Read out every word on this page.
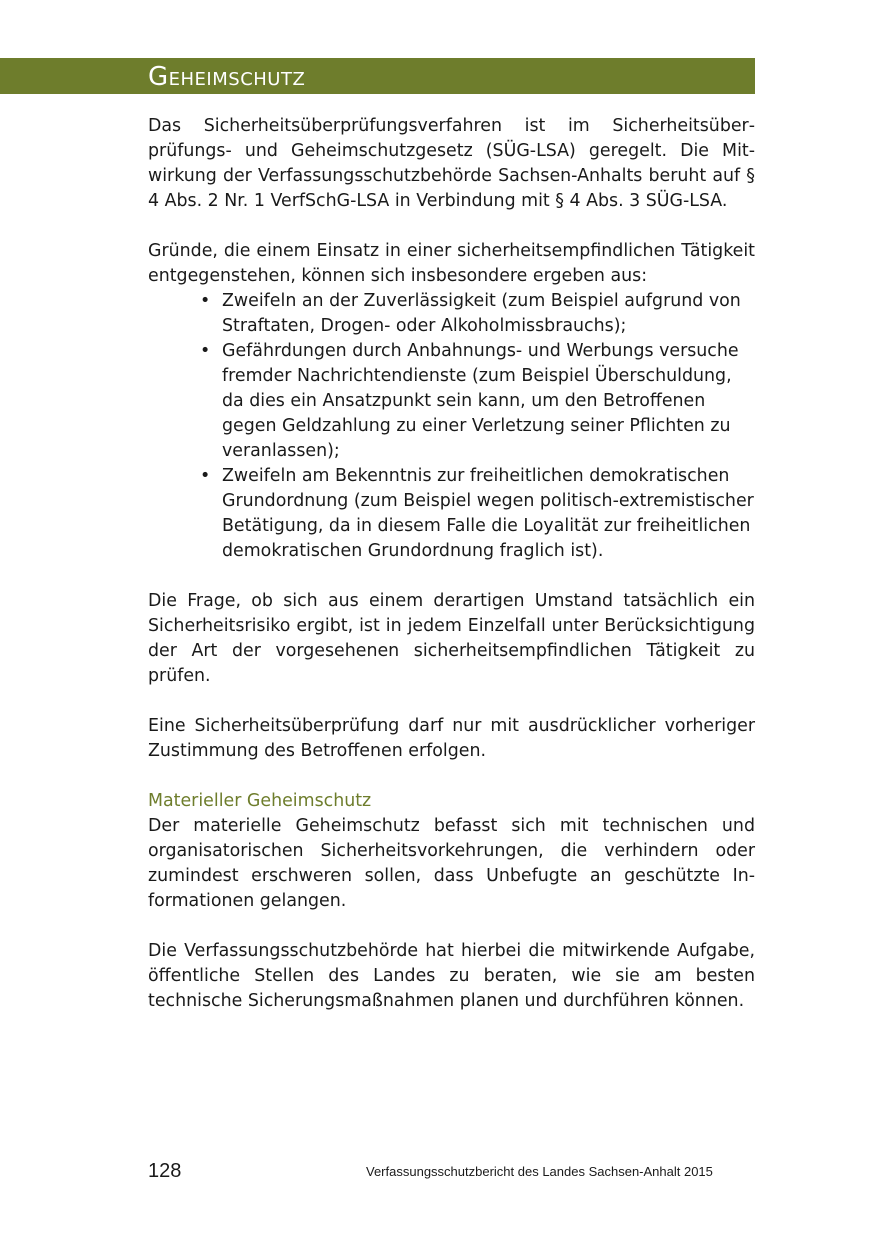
Geheimschutz

Das Sicherheitsüberprüfungsverfahren ist im Sicherheitsüberprüfungs- und Geheimschutzgesetz (SÜG-LSA) geregelt. Die Mitwirkung der Verfassungsschutzbehörde Sachsen-Anhalts beruht auf § 4 Abs. 2 Nr. 1 VerfSchG-LSA in Verbindung mit § 4 Abs. 3 SÜG-LSA.

Gründe, die einem Einsatz in einer sicherheitsempfindlichen Tätigkeit entgegenstehen, können sich insbesondere ergeben aus:

• Zweifeln an der Zuverlässigkeit (zum Beispiel aufgrund von Straftaten, Drogen- oder Alkoholmissbrauchs);
• Gefährdungen durch Anbahnungs- und Werbungs versuche fremder Nachrichtendienste (zum Beispiel Überschuldung, da dies ein Ansatzpunkt sein kann, um den Betroffenen gegen Geldzahlung zu einer Verletzung seiner Pflichten zu veranlassen);
• Zweifeln am Bekenntnis zur freiheitlichen demokratischen Grundordnung (zum Beispiel wegen politisch-extremistischer Betätigung, da in diesem Falle die Loyalität zur freiheitlichen demokratischen Grundordnung fraglich ist).

Die Frage, ob sich aus einem derartigen Umstand tatsächlich ein Sicherheitsrisiko ergibt, ist in jedem Einzelfall unter Berücksichtigung der Art der vorgesehenen sicherheitsempfindlichen Tätigkeit zu prüfen.

Eine Sicherheitsüberprüfung darf nur mit ausdrücklicher vorheriger Zustimmung des Betroffenen erfolgen.

Materieller Geheimschutz

Der materielle Geheimschutz befasst sich mit technischen und organisatorischen Sicherheitsvorkehrungen, die verhindern oder zumindest erschweren sollen, dass Unbefugte an geschützte Informationen gelangen.

Die Verfassungsschutzbehörde hat hierbei die mitwirkende Aufgabe, öffentliche Stellen des Landes zu beraten, wie sie am besten technische Sicherungsmaßnahmen planen und durchführen können.

128	Verfassungsschutzbericht des Landes Sachsen-Anhalt 2015
